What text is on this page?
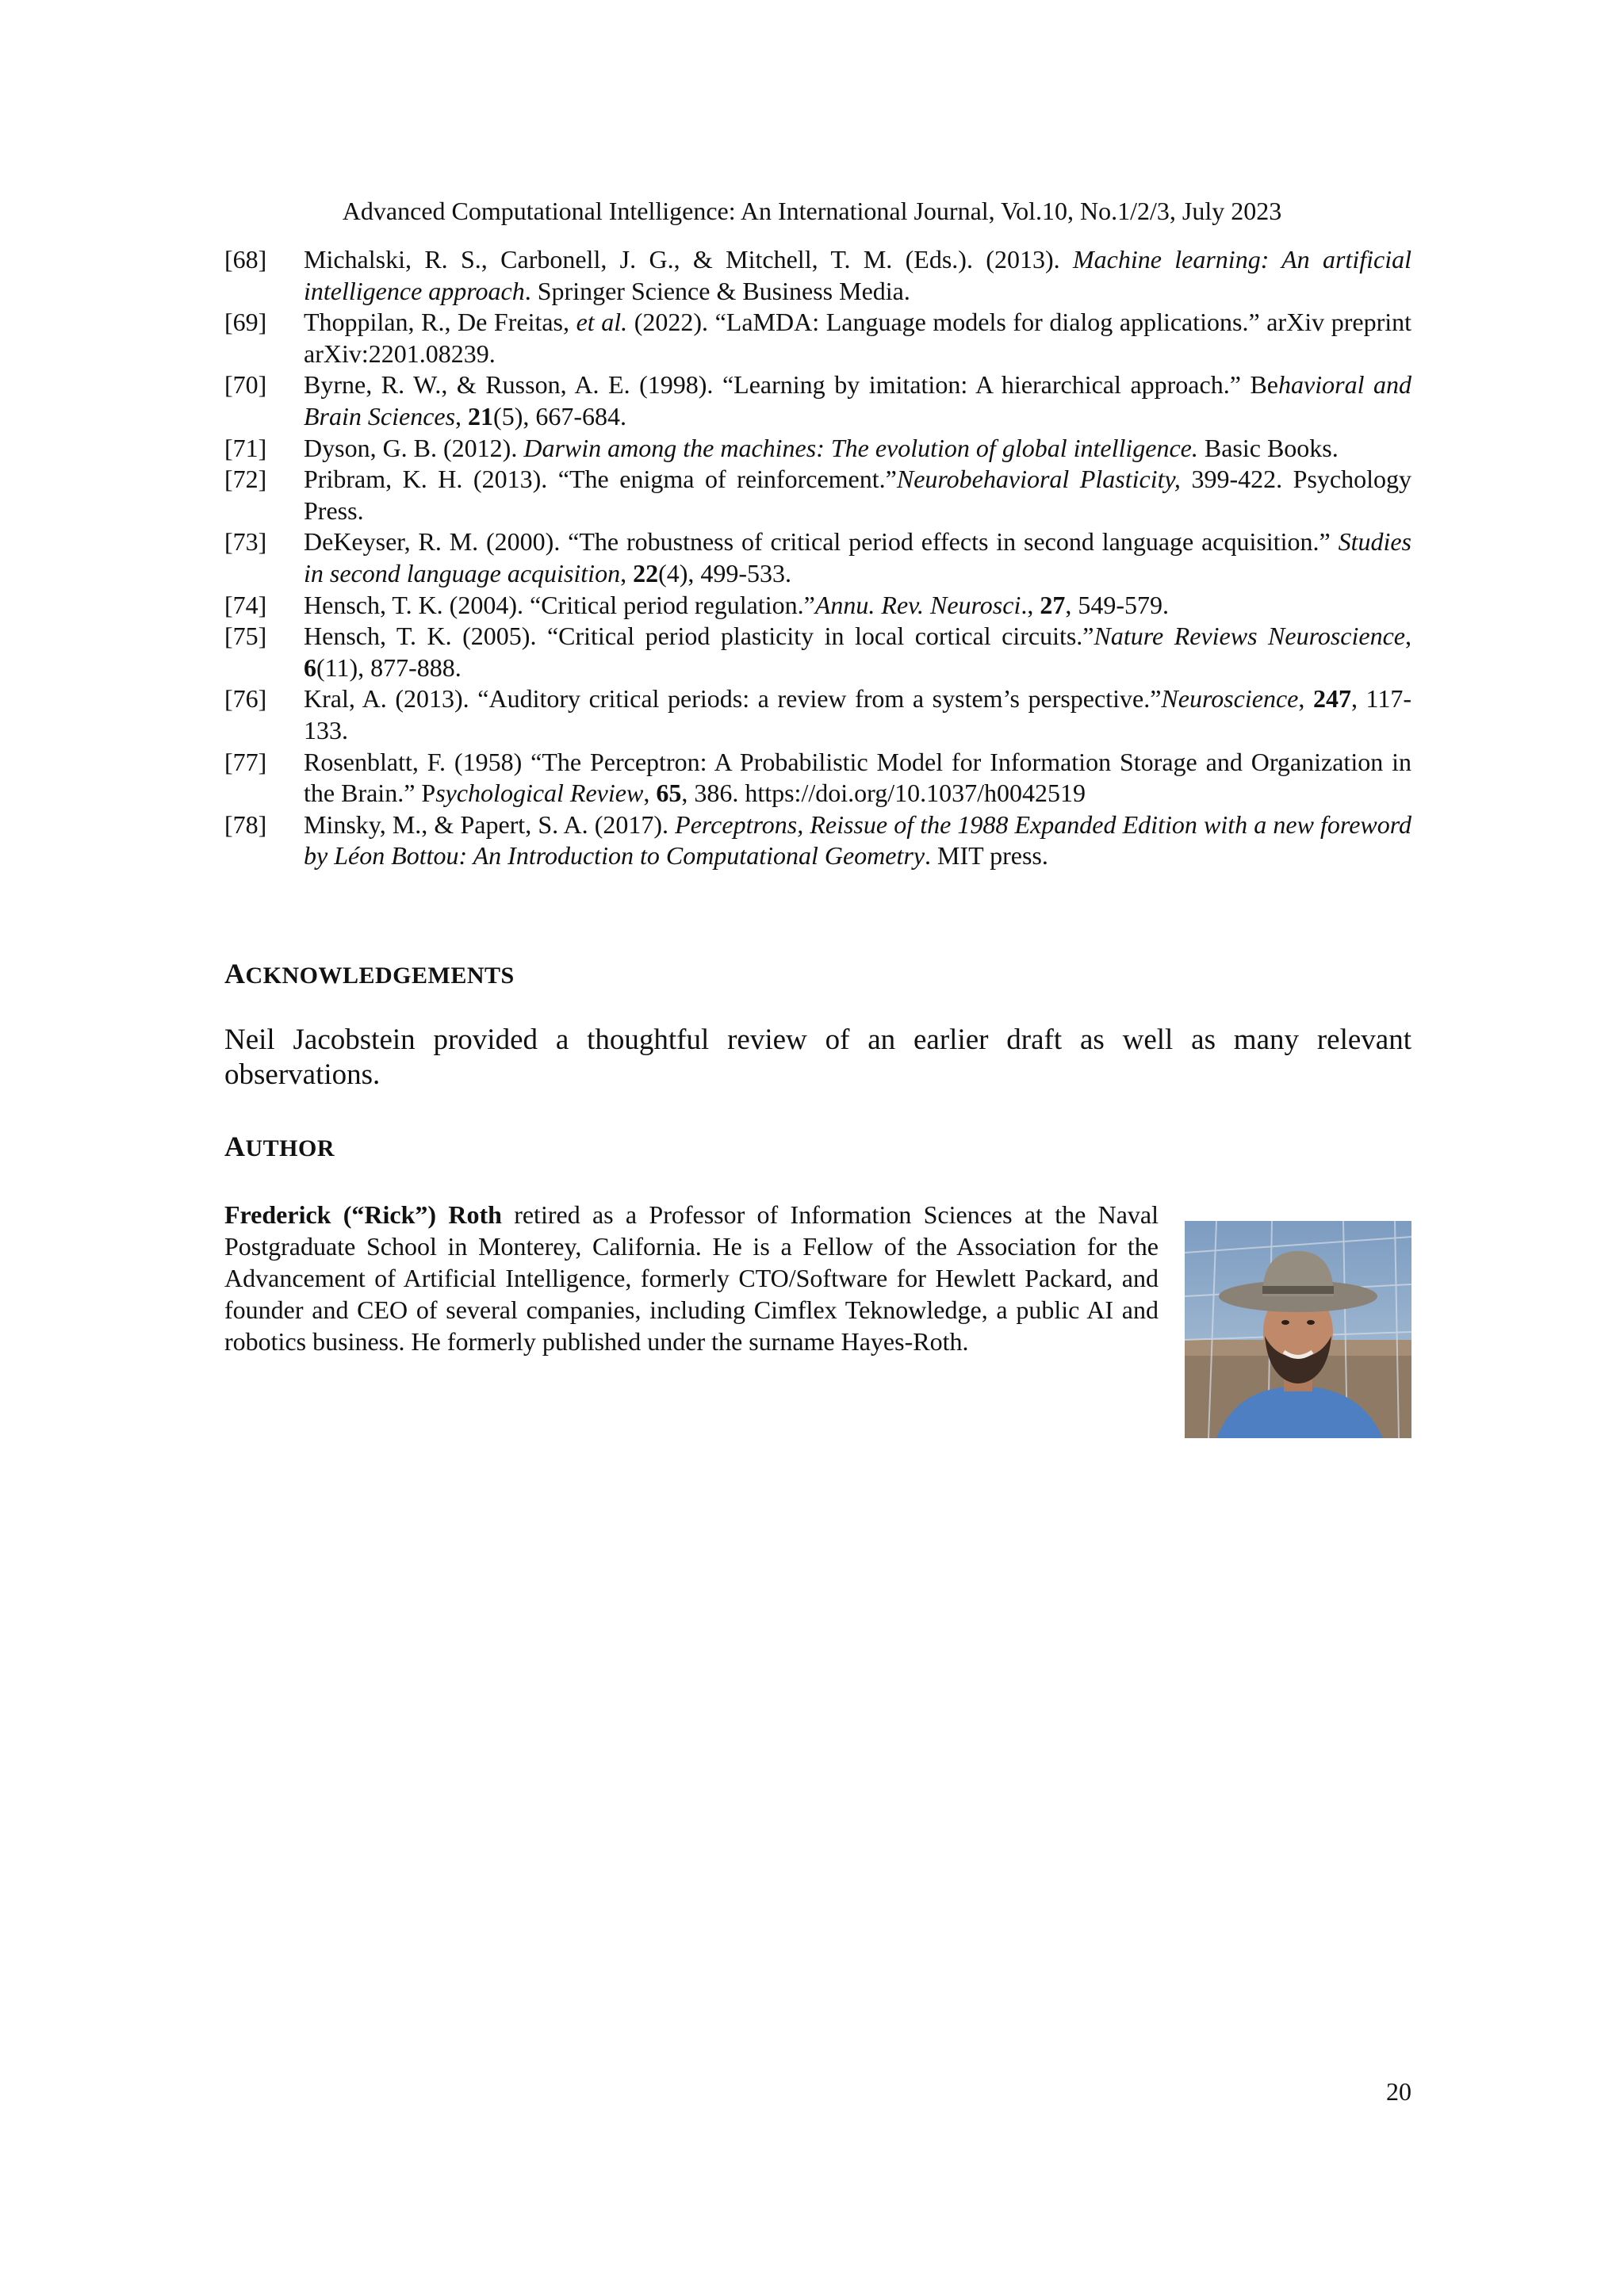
Advanced Computational Intelligence: An International Journal, Vol.10, No.1/2/3, July 2023
[68]	Michalski, R. S., Carbonell, J. G., & Mitchell, T. M. (Eds.). (2013). Machine learning: An artificial intelligence approach. Springer Science & Business Media.
[69]	Thoppilan, R., De Freitas, et al. (2022). “LaMDA: Language models for dialog applications.” arXiv preprint arXiv:2201.08239.
[70]	Byrne, R. W., & Russon, A. E. (1998). “Learning by imitation: A hierarchical approach.” Behavioral and Brain Sciences, 21(5), 667-684.
[71]	Dyson, G. B. (2012). Darwin among the machines: The evolution of global intelligence. Basic Books.
[72]	Pribram, K. H. (2013). “The enigma of reinforcement.”Neurobehavioral Plasticity, 399-422. Psychology Press.
[73]	DeKeyser, R. M. (2000). “The robustness of critical period effects in second language acquisition.” Studies in second language acquisition, 22(4), 499-533.
[74]	Hensch, T. K. (2004). “Critical period regulation.”Annu. Rev. Neurosci., 27, 549-579.
[75]	Hensch, T. K. (2005). “Critical period plasticity in local cortical circuits.”Nature Reviews Neuroscience, 6(11), 877-888.
[76]	Kral, A. (2013). “Auditory critical periods: a review from a system’s perspective.”Neuroscience, 247, 117-133.
[77]	Rosenblatt, F. (1958) “The Perceptron: A Probabilistic Model for Information Storage and Organization in the Brain.” Psychological Review, 65, 386. https://doi.org/10.1037/h0042519
[78]	Minsky, M., & Papert, S. A. (2017). Perceptrons, Reissue of the 1988 Expanded Edition with a new foreword by Léon Bottou: An Introduction to Computational Geometry. MIT press.
ACKNOWLEDGEMENTS
Neil Jacobstein provided a thoughtful review of an earlier draft as well as many relevant observations.
AUTHOR
Frederick (“Rick”) Roth retired as a Professor of Information Sciences at the Naval Postgraduate School in Monterey, California. He is a Fellow of the Association for the Advancement of Artificial Intelligence, formerly CTO/Software for Hewlett Packard, and founder and CEO of several companies, including Cimflex Teknowledge, a public AI and robotics business. He formerly published under the surname Hayes-Roth.
20
